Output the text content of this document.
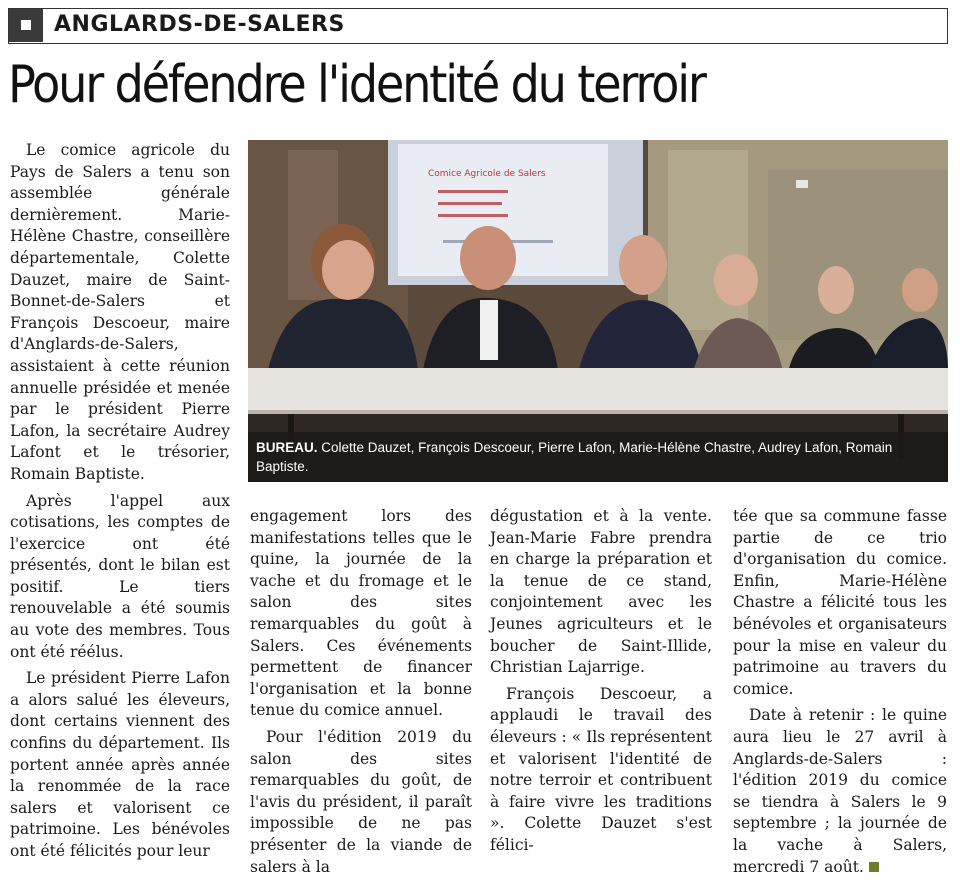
ANGLARDS-DE-SALERS
Pour défendre l'identité du terroir

Le comice agricole du Pays de Salers a tenu son assemblée générale dernièrement. Marie-Hélène Chastre, conseillère départementale, Colette Dauzet, maire de Saint-Bonnet-de-Salers et François Descoeur, maire d'Anglards-de-Salers, assistaient à cette réunion annuelle présidée et menée par le président Pierre Lafon, la secrétaire Audrey Lafont et le trésorier, Romain Baptiste.

Après l'appel aux cotisations, les comptes de l'exercice ont été présentés, dont le bilan est positif. Le tiers renouvelable a été soumis au vote des membres. Tous ont été réélus.

Le président Pierre Lafon a alors salué les éleveurs, dont certains viennent des confins du département. Ils portent année après année la renommée de la race salers et valorisent ce patrimoine. Les bénévoles ont été félicités pour leur

Comice Agricole de Salers
BUREAU. Colette Dauzet, François Descoeur, Pierre Lafon, Marie-Hélène Chastre, Audrey Lafon, Romain Baptiste.

engagement lors des manifestations telles que le quine, la journée de la vache et du fromage et le salon des sites remarquables du goût à Salers. Ces événements permettent de financer l'organisation et la bonne tenue du comice annuel.

Pour l'édition 2019 du salon des sites remarquables du goût, de l'avis du président, il paraît impossible de ne pas présenter de la viande de salers à la

dégustation et à la vente. Jean-Marie Fabre prendra en charge la préparation et la tenue de ce stand, conjointement avec les Jeunes agriculteurs et le boucher de Saint-Illide, Christian Lajarrige.

François Descoeur, a applaudi le travail des éleveurs : « Ils représentent et valorisent l'identité de notre terroir et contribuent à faire vivre les traditions ». Colette Dauzet s'est félici-

tée que sa commune fasse partie de ce trio d'organisation du comice. Enfin, Marie-Hélène Chastre a félicité tous les bénévoles et organisateurs pour la mise en valeur du patrimoine au travers du comice.

Date à retenir : le quine aura lieu le 27 avril à Anglards-de-Salers : l'édition 2019 du comice se tiendra à Salers le 9 septembre ; la journée de la vache à Salers, mercredi 7 août.
